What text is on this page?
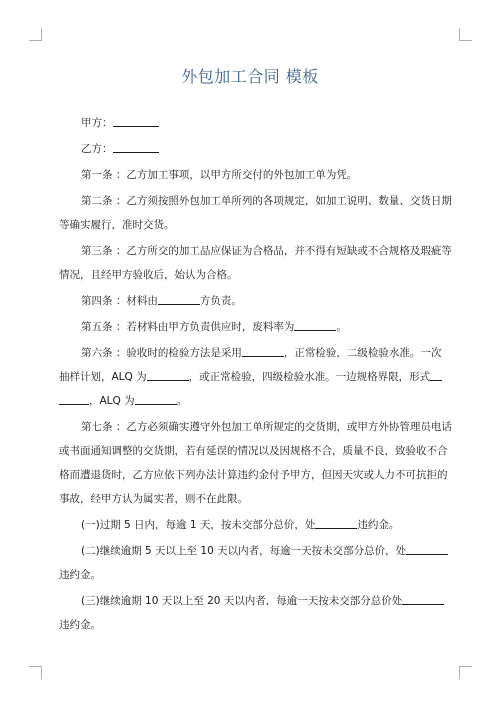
外包加工合同 模板

甲方：

乙方：

第一条 ：乙方加工事项，以甲方所交付的外包加工单为凭。

第二条 ：乙方须按照外包加工单所列的各项规定，如加工说明、数量、交货日期

等确实履行，准时交货。

第三条 ：乙方所交的加工品应保证为合格品，并不得有短缺或不合规格及瑕疵等

情况，且经甲方验收后，始认为合格。

第四条 ：材料由	方负责。

第五条 ：若材料由甲方负责供应时，废料率为	。

第六条 ：验收时的检验方法是采用	，正常检验，二级检验水准。一次

抽样计划，ALQ 为	，或正常检验，四级检验水准。一边规格界限，形式

，ALQ 为	。

第七条 ：乙方必须确实遵守外包加工单所规定的交货期，或甲方外协管理员电话

或书面通知调整的交货期，若有延误的情况以及因规格不合，质量不良，致验收不合

格而遭退货时，乙方应依下列办法计算违约金付予甲方，但因天灾或人力不可抗拒的

事故，经甲方认为属实者，则不在此限。

(一)过期 5 日内，每逾 1 天，按未交部分总价，处	违约金。

(二)继续逾期 5 天以上至 10 天以内者，每逾一天按未交部分总价，处

违约金。

(三)继续逾期 10 天以上至 20 天以内者，每逾一天按未交部分总价处

违约金。
